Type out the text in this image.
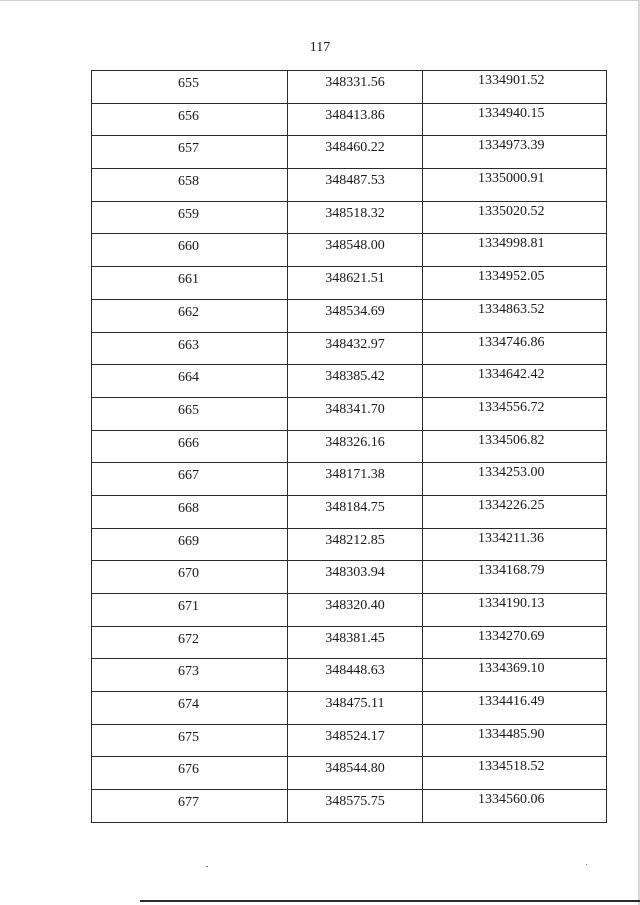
117
655	348331.56	1334901.52
656	348413.86	1334940.15
657	348460.22	1334973.39
658	348487.53	1335000.91
659	348518.32	1335020.52
660	348548.00	1334998.81
661	348621.51	1334952.05
662	348534.69	1334863.52
663	348432.97	1334746.86
664	348385.42	1334642.42
665	348341.70	1334556.72
666	348326.16	1334506.82
667	348171.38	1334253.00
668	348184.75	1334226.25
669	348212.85	1334211.36
670	348303.94	1334168.79
671	348320.40	1334190.13
672	348381.45	1334270.69
673	348448.63	1334369.10
674	348475.11	1334416.49
675	348524.17	1334485.90
676	348544.80	1334518.52
677	348575.75	1334560.06
